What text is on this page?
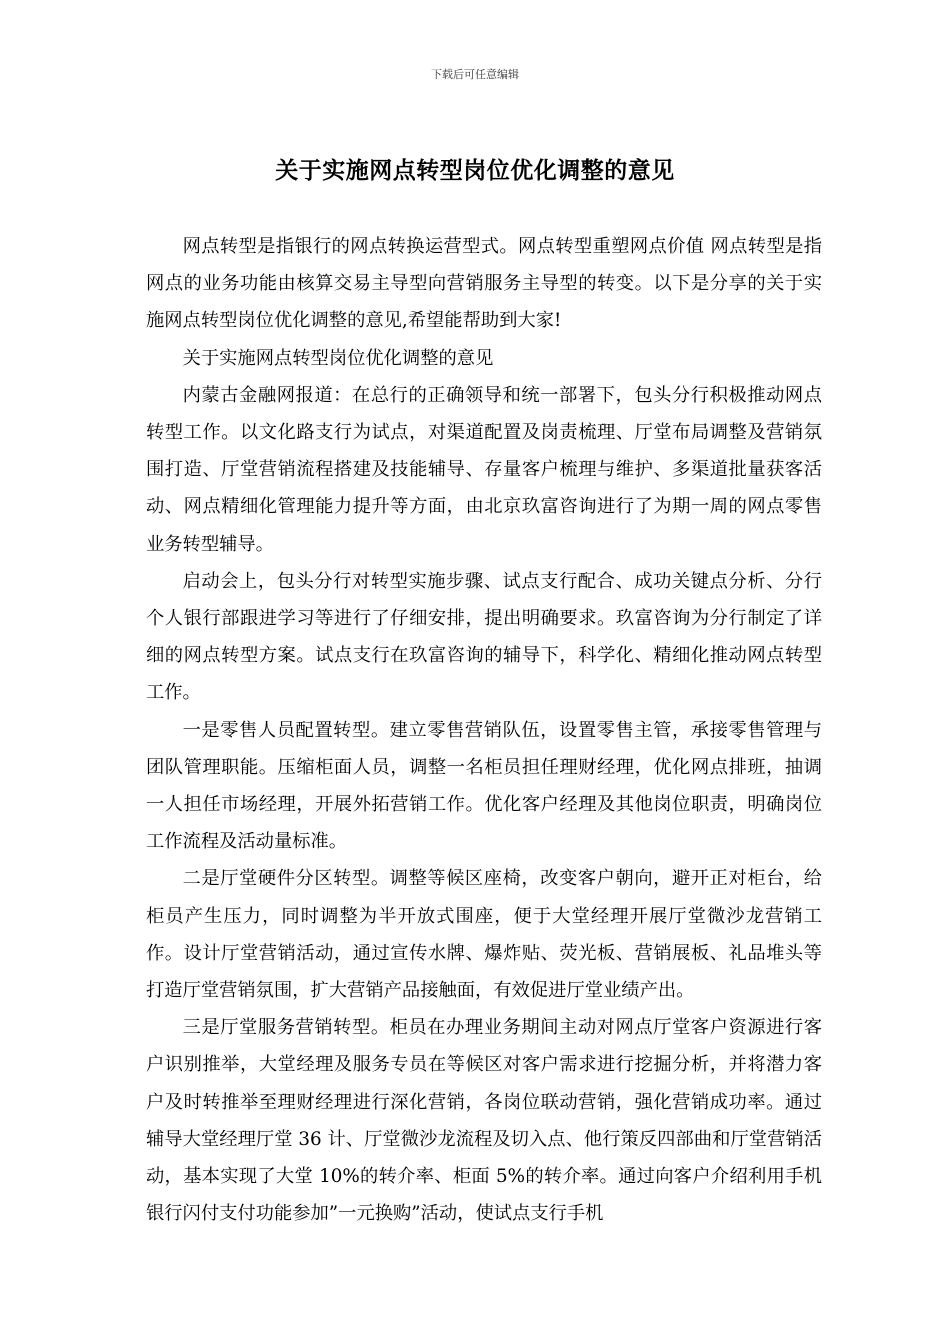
下载后可任意编辑
关于实施网点转型岗位优化调整的意见

网点转型是指银行的网点转换运营型式。网点转型重塑网点价值 网点转型是指网点的业务功能由核算交易主导型向营销服务主导型的转变。以下是分享的关于实施网点转型岗位优化调整的意见,希望能帮助到大家!

关于实施网点转型岗位优化调整的意见

内蒙古金融网报道：在总行的正确领导和统一部署下，包头分行积极推动网点转型工作。以文化路支行为试点，对渠道配置及岗责梳理、厅堂布局调整及营销氛围打造、厅堂营销流程搭建及技能辅导、存量客户梳理与维护、多渠道批量获客活动、网点精细化管理能力提升等方面，由北京玖富咨询进行了为期一周的网点零售业务转型辅导。

启动会上，包头分行对转型实施步骤、试点支行配合、成功关键点分析、分行个人银行部跟进学习等进行了仔细安排，提出明确要求。玖富咨询为分行制定了详细的网点转型方案。试点支行在玖富咨询的辅导下，科学化、精细化推动网点转型工作。

一是零售人员配置转型。建立零售营销队伍，设置零售主管，承接零售管理与团队管理职能。压缩柜面人员，调整一名柜员担任理财经理，优化网点排班，抽调一人担任市场经理，开展外拓营销工作。优化客户经理及其他岗位职责，明确岗位工作流程及活动量标准。

二是厅堂硬件分区转型。调整等候区座椅，改变客户朝向，避开正对柜台，给柜员产生压力，同时调整为半开放式围座，便于大堂经理开展厅堂微沙龙营销工作。设计厅堂营销活动，通过宣传水牌、爆炸贴、荧光板、营销展板、礼品堆头等打造厅堂营销氛围，扩大营销产品接触面，有效促进厅堂业绩产出。

三是厅堂服务营销转型。柜员在办理业务期间主动对网点厅堂客户资源进行客户识别推举，大堂经理及服务专员在等候区对客户需求进行挖掘分析，并将潜力客户及时转推举至理财经理进行深化营销，各岗位联动营销，强化营销成功率。通过辅导大堂经理厅堂 36 计、厅堂微沙龙流程及切入点、他行策反四部曲和厅堂营销活动，基本实现了大堂 10%的转介率、柜面 5%的转介率。通过向客户介绍利用手机银行闪付支付功能参加”一元换购”活动，使试点支行手机
